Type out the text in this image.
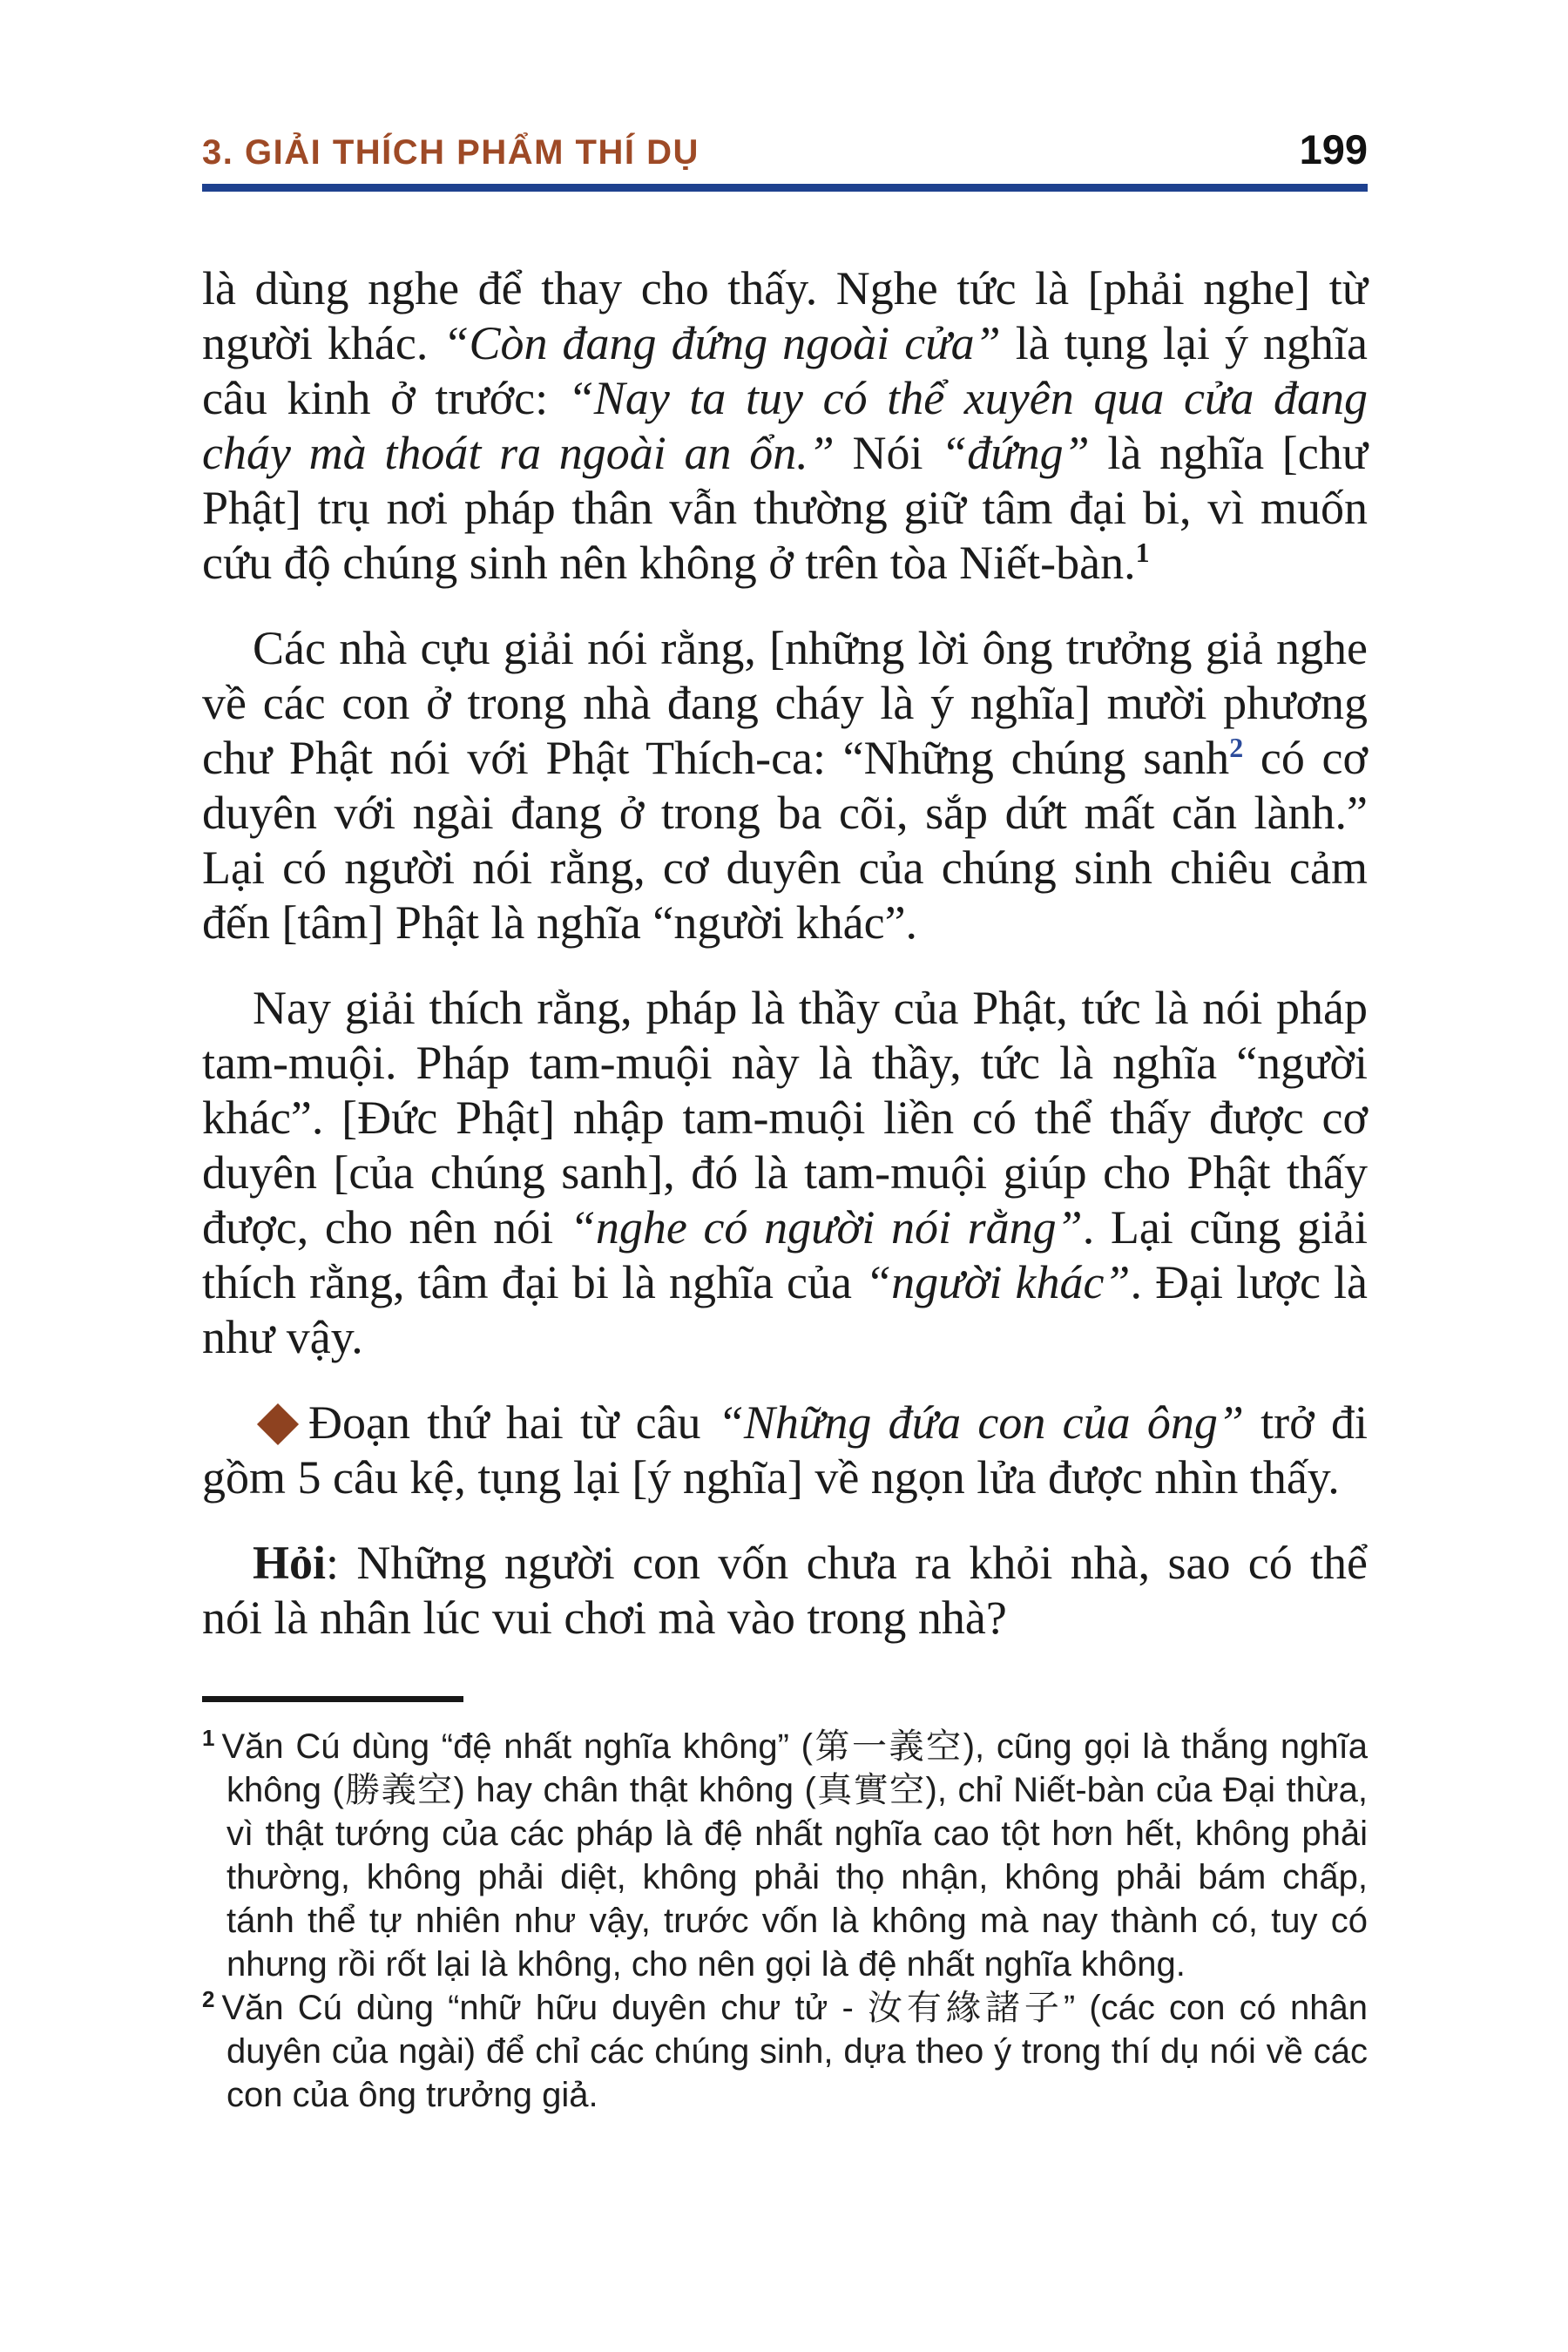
3. GIẢI THÍCH PHẨM THÍ DỤ	199

là dùng nghe để thay cho thấy. Nghe tức là [phải nghe] từ người khác. “Còn đang đứng ngoài cửa” là tụng lại ý nghĩa câu kinh ở trước: “Nay ta tuy có thể xuyên qua cửa đang cháy mà thoát ra ngoài an ổn.” Nói “đứng” là nghĩa [chư Phật] trụ nơi pháp thân vẫn thường giữ tâm đại bi, vì muốn cứu độ chúng sinh nên không ở trên tòa Niết-bàn.$^1$

Các nhà cựu giải nói rằng, [những lời ông trưởng giả nghe về các con ở trong nhà đang cháy là ý nghĩa] mười phương chư Phật nói với Phật Thích-ca: “Những chúng sanh$^2$ có cơ duyên với ngài đang ở trong ba cõi, sắp dứt mất căn lành.” Lại có người nói rằng, cơ duyên của chúng sinh chiêu cảm đến [tâm] Phật là nghĩa “người khác”.

Nay giải thích rằng, pháp là thầy của Phật, tức là nói pháp tam-muội. Pháp tam-muội này là thầy, tức là nghĩa “người khác”. [Đức Phật] nhập tam-muội liền có thể thấy được cơ duyên [của chúng sanh], đó là tam-muội giúp cho Phật thấy được, cho nên nói “nghe có người nói rằng”. Lại cũng giải thích rằng, tâm đại bi là nghĩa của “người khác”. Đại lược là như vậy.

Đoạn thứ hai từ câu “Những đứa con của ông” trở đi gồm 5 câu kệ, tụng lại [ý nghĩa] về ngọn lửa được nhìn thấy.

Hỏi: Những người con vốn chưa ra khỏi nhà, sao có thể nói là nhân lúc vui chơi mà vào trong nhà?

$^1$ Văn Cú dùng “đệ nhất nghĩa không” (第一義空), cũng gọi là thắng nghĩa không (勝義空) hay chân thật không (真實空), chỉ Niết-bàn của Đại thừa, vì thật tướng của các pháp là đệ nhất nghĩa cao tột hơn hết, không phải thường, không phải diệt, không phải thọ nhận, không phải bám chấp, tánh thể tự nhiên như vậy, trước vốn là không mà nay thành có, tuy có nhưng rồi rốt lại là không, cho nên gọi là đệ nhất nghĩa không.

$^2$ Văn Cú dùng “nhữ hữu duyên chư tử - 汝有緣諸子” (các con có nhân duyên của ngài) để chỉ các chúng sinh, dựa theo ý trong thí dụ nói về các con của ông trưởng giả.
